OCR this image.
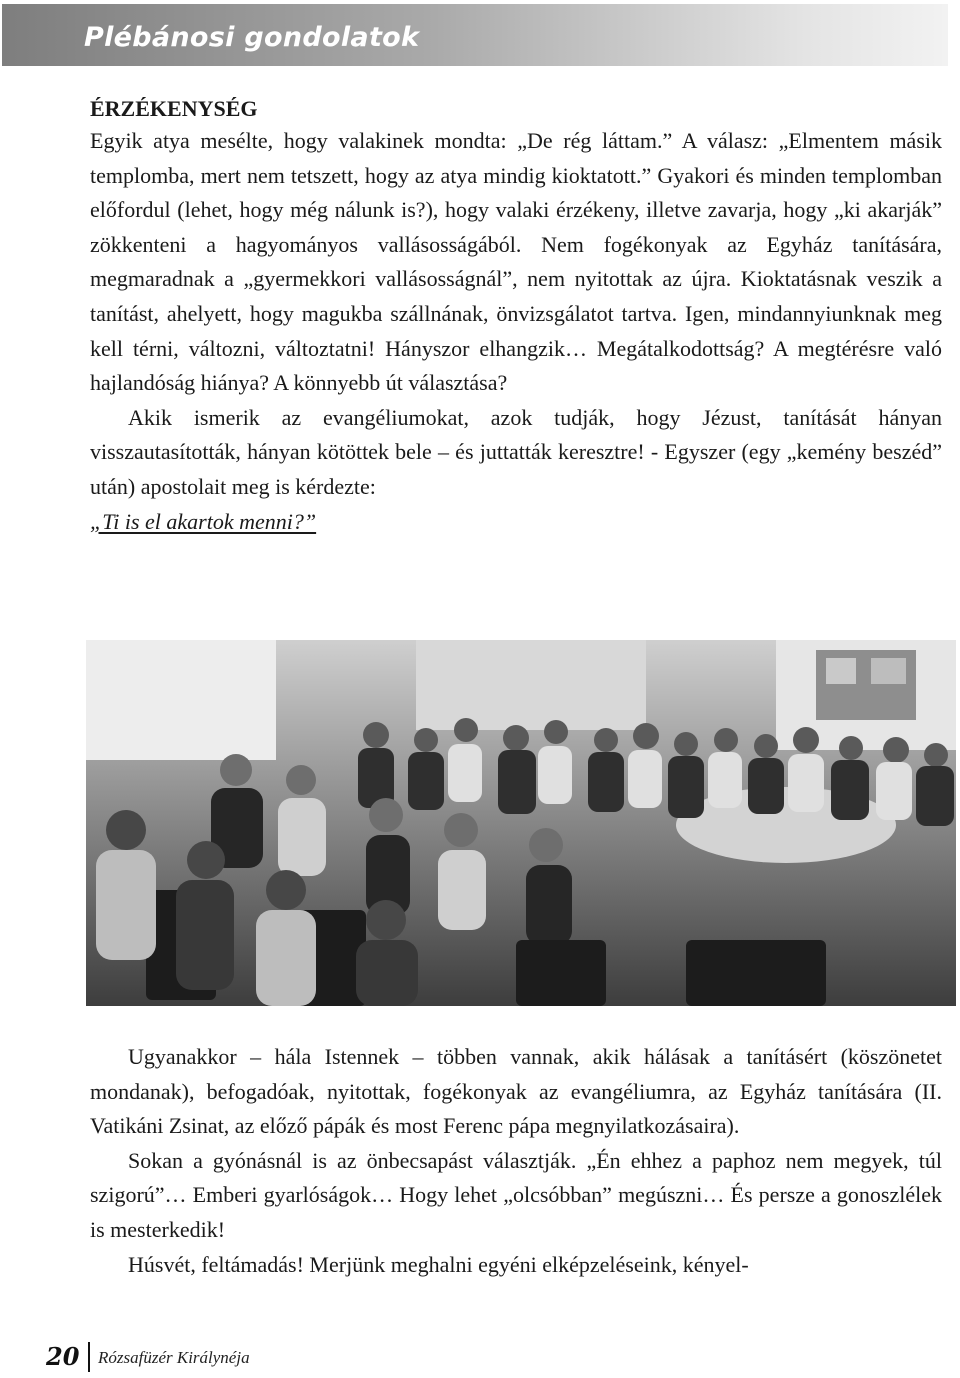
Plébánosi gondolatok

ÉRZÉKENYSÉG

Egyik atya mesélte, hogy valakinek mondta: „De rég láttam.” A válasz: „Elmentem másik templomba, mert nem tetszett, hogy az atya mindig kioktatott.” Gyakori és minden templomban előfordul (lehet, hogy még nálunk is?), hogy valaki érzékeny, illetve zavarja, hogy „ki akarják” zökkenteni a hagyományos vallásosságából. Nem fogékonyak az Egyház tanítására, megmaradnak a „gyermekkori vallásosságnál”, nem nyitottak az újra. Kioktatásnak veszik a tanítást, ahelyett, hogy magukba szállnának, önvizsgálatot tartva. Igen, mindannyiunknak meg kell térni, változni, változtatni! Hányszor elhangzik… Megátalkodottság? A megtérésre való hajlandóság hiánya? A könnyebb út választása?

Akik ismerik az evangéliumokat, azok tudják, hogy Jézust, tanítását hányan visszautasították, hányan kötöttek bele – és juttatták keresztre! - Egyszer (egy „kemény beszéd” után) apostolait meg is kérdezte:

„Ti is el akartok menni?”

Ugyanakkor – hála Istennek – többen vannak, akik hálásak a tanításért (köszönetet mondanak), befogadóak, nyitottak, fogékonyak az evangéliumra, az Egyház tanítására (II. Vatikáni Zsinat, az előző pápák és most Ferenc pápa megnyilatkozásaira).

Sokan a gyónásnál is az önbecsapást választják. „Én ehhez a paphoz nem megyek, túl szigorú”… Emberi gyarlóságok… Hogy lehet „olcsóbban” megúszni… És persze a gonoszlélek is mesterkedik!

Húsvét, feltámadás! Merjünk meghalni egyéni elképzeléseink, kényel-

20 Rózsafüzér Királynéja
